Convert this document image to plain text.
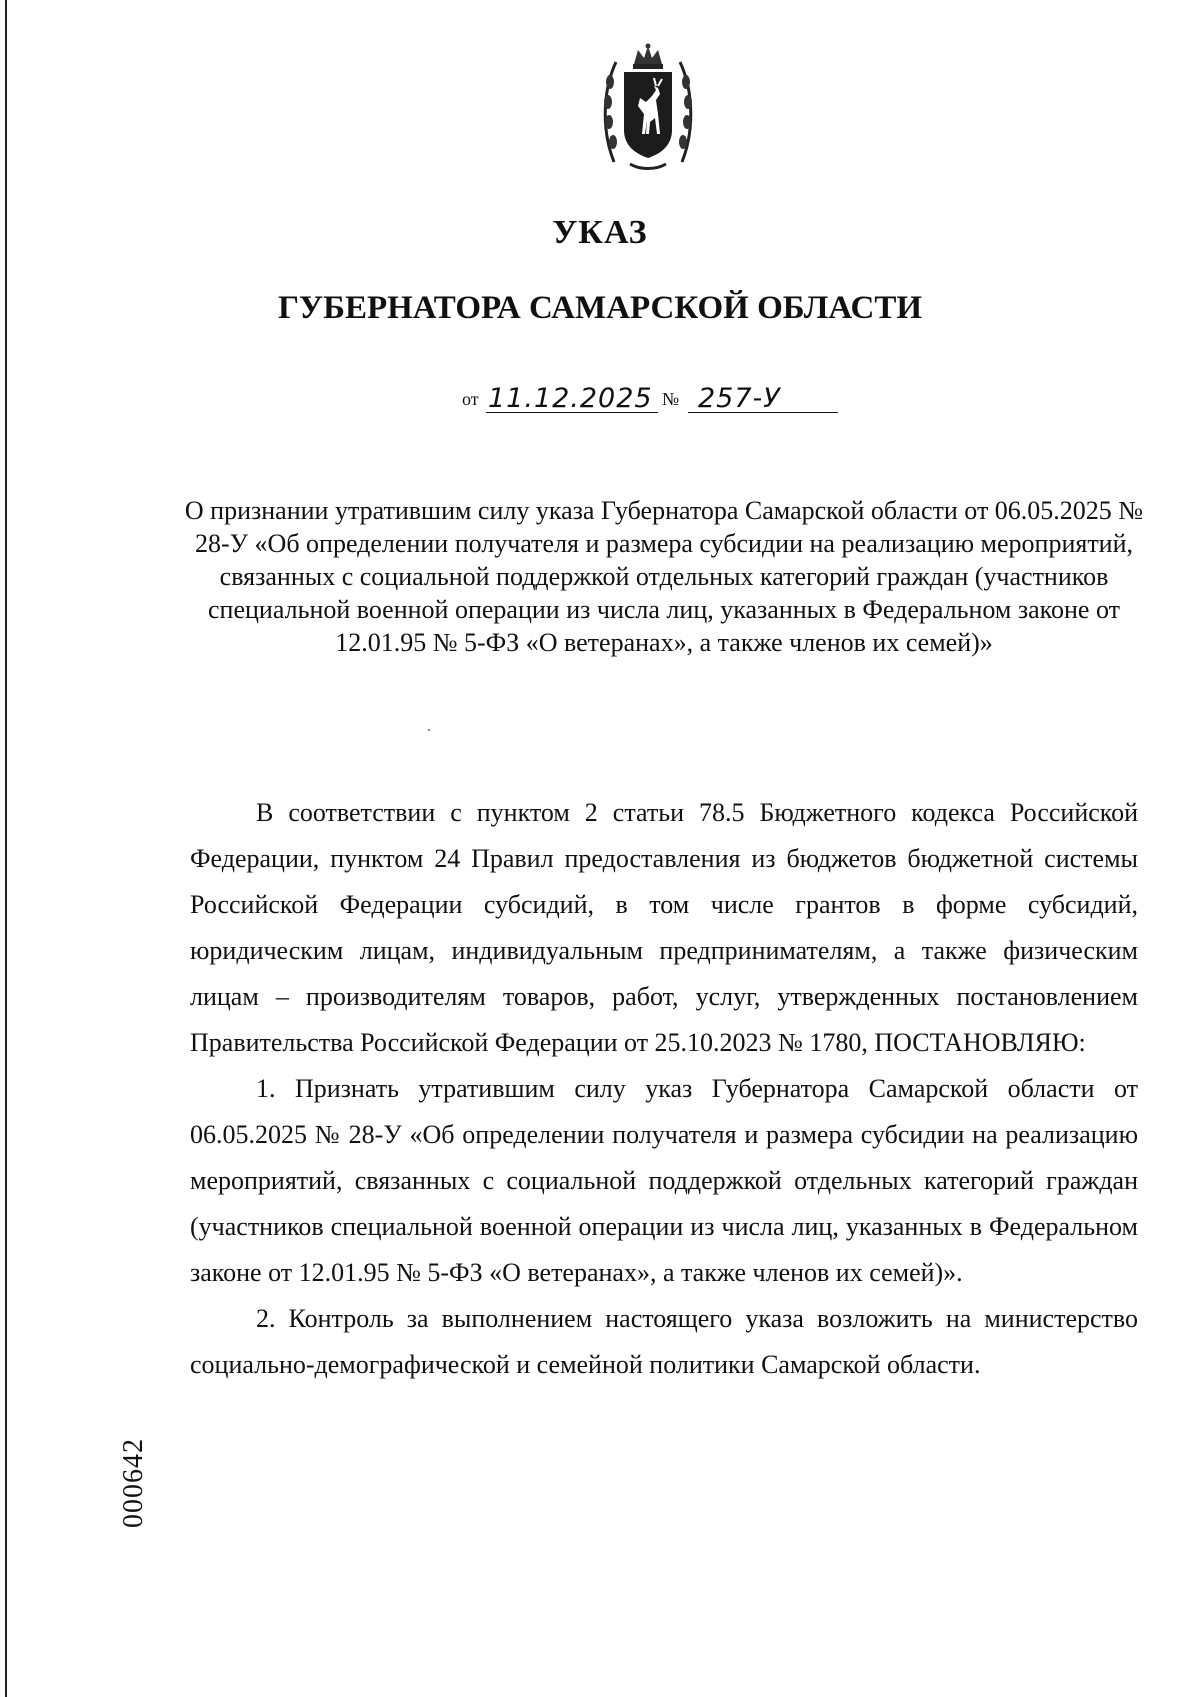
УКАЗ
ГУБЕРНАТОРА САМАРСКОЙ ОБЛАСТИ
от 11.12.2025 № 257-У
О признании утратившим силу указа Губернатора Самарской области от 06.05.2025 № 28-У «Об определении получателя и размера субсидии на реализацию мероприятий, связанных с социальной поддержкой отдельных категорий граждан (участников специальной военной операции из числа лиц, указанных в Федеральном законе от 12.01.95 № 5-ФЗ «О ветеранах», а также членов их семей)»
·

В соответствии с пунктом 2 статьи 78.5 Бюджетного кодекса Российской Федерации, пунктом 24 Правил предоставления из бюджетов бюджетной системы Российской Федерации субсидий, в том числе грантов в форме субсидий, юридическим лицам, индивидуальным предпринимателям, а также физическим лицам – производителям товаров, работ, услуг, утвержденных постановлением Правительства Российской Федерации от 25.10.2023 № 1780, ПОСТАНОВЛЯЮ:

1. Признать утратившим силу указ Губернатора Самарской области от 06.05.2025 № 28-У «Об определении получателя и размера субсидии на реализацию мероприятий, связанных с социальной поддержкой отдельных категорий граждан (участников специальной военной операции из числа лиц, указанных в Федеральном законе от 12.01.95 № 5-ФЗ «О ветеранах», а также членов их семей)».

2. Контроль за выполнением настоящего указа возложить на министерство социально-демографической и семейной политики Самарской области.

000642
